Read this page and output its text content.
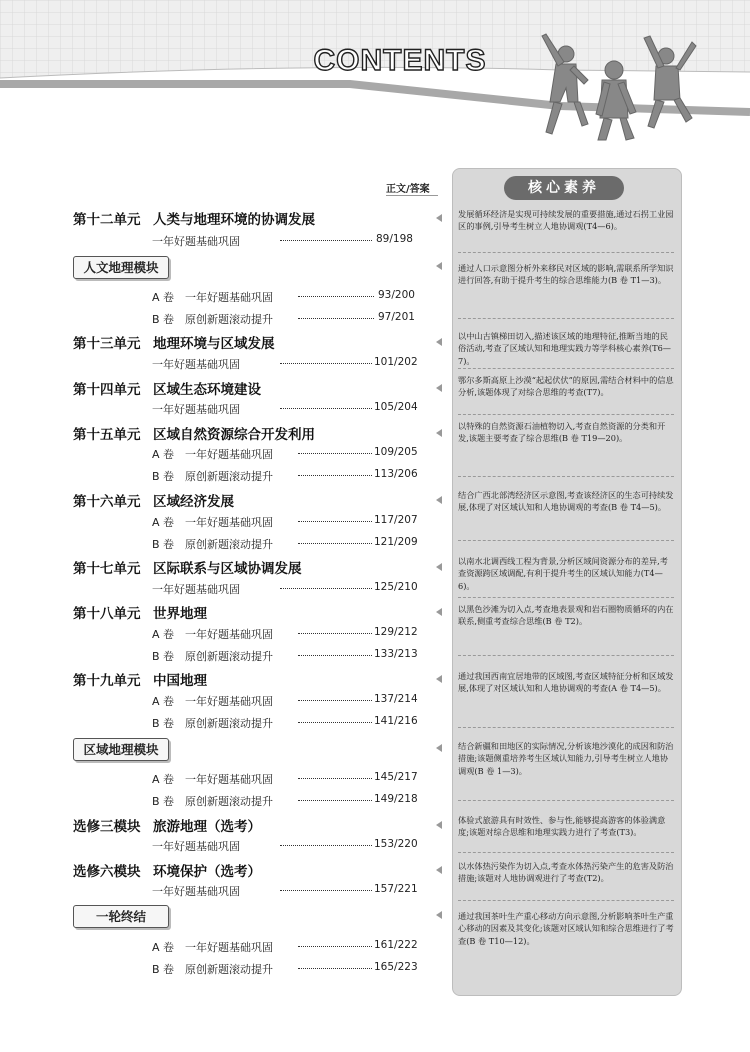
CONTENTS
正文/答案
第十二单元 人类与地理环境的协调发展
一年好题基础巩固	89/198
人文地理模块
A 卷　一年好题基础巩固	93/200
B 卷　原创新题滚动提升	97/201
第十三单元 地理环境与区域发展
一年好题基础巩固	101/202
第十四单元 区域生态环境建设
一年好题基础巩固	105/204
第十五单元 区域自然资源综合开发利用
A 卷　一年好题基础巩固	109/205
B 卷　原创新题滚动提升	113/206
第十六单元 区域经济发展
A 卷　一年好题基础巩固	117/207
B 卷　原创新题滚动提升	121/209
第十七单元 区际联系与区域协调发展
一年好题基础巩固	125/210
第十八单元 世界地理
A 卷　一年好题基础巩固	129/212
B 卷　原创新题滚动提升	133/213
第十九单元 中国地理
A 卷　一年好题基础巩固	137/214
B 卷　原创新题滚动提升	141/216
区域地理模块
A 卷　一年好题基础巩固	145/217
B 卷　原创新题滚动提升	149/218
选修三模块 旅游地理（选考）
一年好题基础巩固	153/220
选修六模块 环境保护（选考）
一年好题基础巩固	157/221
一轮终结
A 卷　一年好题基础巩固	161/222
B 卷　原创新题滚动提升	165/223
核心素养
发展循环经济是实现可持续发展的重要措施,通过石拐工业园区的事例,引导考生树立人地协调观(T4—6)。
通过人口示意图分析外来移民对区域的影响,需联系所学知识进行回答,有助于提升考生的综合思维能力(B 卷 T1—3)。
以中山古镇梯田切入,描述该区域的地理特征,推断当地的民俗活动,考查了区域认知和地理实践力等学科核心素养(T6—7)。
鄂尔多斯高原上沙漠“起起伏伏”的原因,需结合材料中的信息分析,该题体现了对综合思维的考查(T7)。
以特殊的自然资源石油植物切入,考查自然资源的分类和开发,该题主要考查了综合思维(B 卷 T19—20)。
结合广西北部湾经济区示意图,考查该经济区的生态可持续发展,体现了对区域认知和人地协调观的考查(B 卷 T4—5)。
以南水北调西线工程为背景,分析区域间资源分布的差异,考查资源跨区域调配,有利于提升考生的区域认知能力(T4—6)。
以黑色沙滩为切入点,考查地表景观和岩石圈物质循环的内在联系,侧重考查综合思维(B 卷 T2)。
通过我国西南宜居地带的区域图,考查区域特征分析和区域发展,体现了对区域认知和人地协调观的考查(A 卷 T4—5)。
结合新疆和田地区的实际情况,分析该地沙漠化的成因和防治措施;该题侧重培养考生区域认知能力,引导考生树立人地协调观(B 卷 1—3)。
体验式旅游具有时效性、参与性,能够提高游客的体验满意度;该题对综合思维和地理实践力进行了考查(T3)。
以水体热污染作为切入点,考查水体热污染产生的危害及防治措施;该题对人地协调观进行了考查(T2)。
通过我国茶叶生产重心移动方向示意图,分析影响茶叶生产重心移动的因素及其变化;该题对区域认知和综合思维进行了考查(B 卷 T10—12)。
